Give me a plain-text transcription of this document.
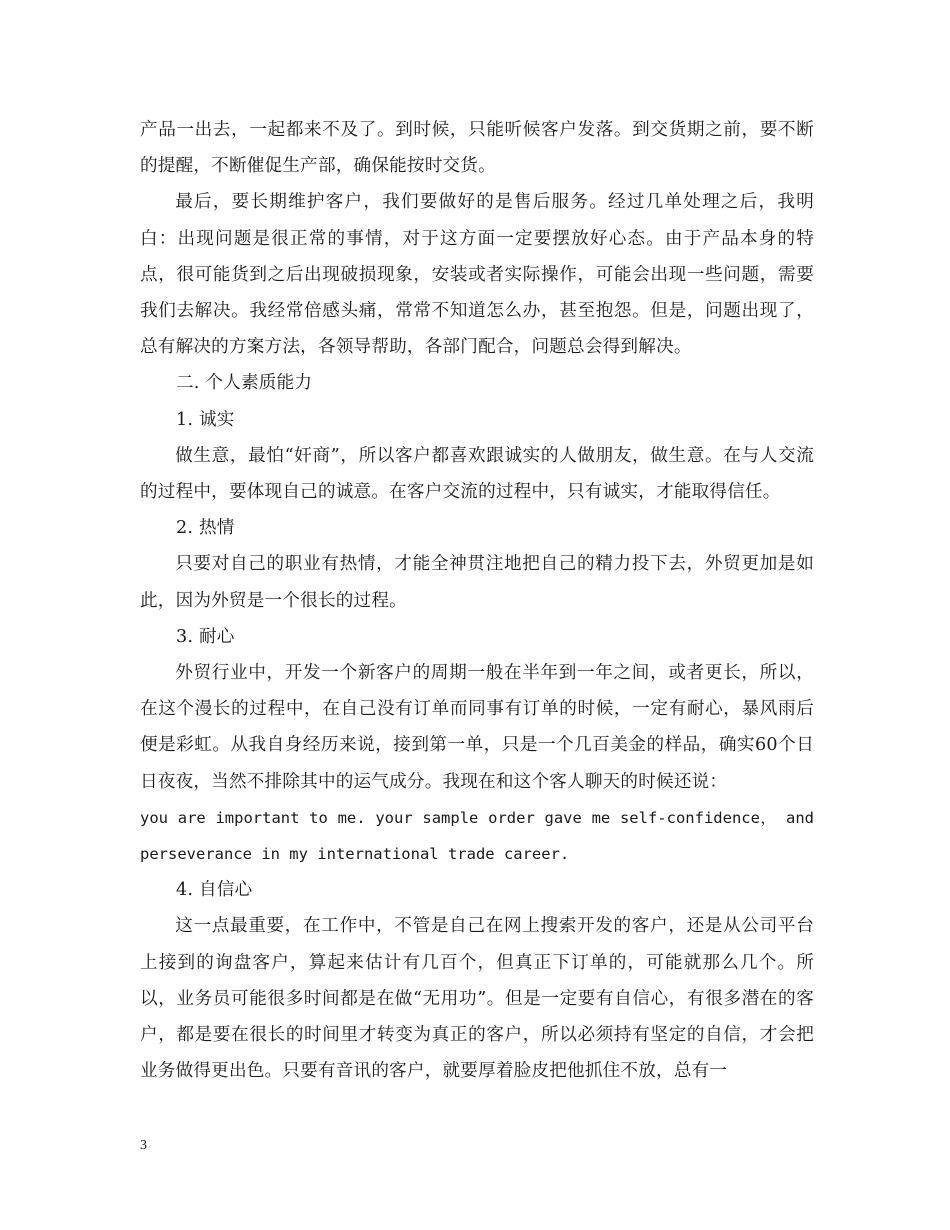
产品一出去，一起都来不及了。到时候，只能听候客户发落。到交货期之前，要不断的提醒，不断催促生产部，确保能按时交货。

最后，要长期维护客户，我们要做好的是售后服务。经过几单处理之后，我明白：出现问题是很正常的事情，对于这方面一定要摆放好心态。由于产品本身的特点，很可能货到之后出现破损现象，安装或者实际操作，可能会出现一些问题，需要我们去解决。我经常倍感头痛，常常不知道怎么办，甚至抱怨。但是，问题出现了，总有解决的方案方法，各领导帮助，各部门配合，问题总会得到解决。

二. 个人素质能力

1. 诚实

做生意，最怕“奸商”，所以客户都喜欢跟诚实的人做朋友，做生意。在与人交流的过程中，要体现自己的诚意。在客户交流的过程中，只有诚实，才能取得信任。

2. 热情

只要对自己的职业有热情，才能全神贯注地把自己的精力投下去，外贸更加是如此，因为外贸是一个很长的过程。

3. 耐心

外贸行业中，开发一个新客户的周期一般在半年到一年之间，或者更长，所以，在这个漫长的过程中，在自己没有订单而同事有订单的时候，一定有耐心，暴风雨后便是彩虹。从我自身经历来说，接到第一单，只是一个几百美金的样品，确实60个日日夜夜，当然不排除其中的运气成分。我现在和这个客人聊天的时候还说：

you are important to me. your sample order gave me self-confidence， and perseverance in my international trade career.

4. 自信心

这一点最重要，在工作中，不管是自己在网上搜索开发的客户，还是从公司平台上接到的询盘客户，算起来估计有几百个，但真正下订单的，可能就那么几个。所以，业务员可能很多时间都是在做“无用功”。但是一定要有自信心，有很多潜在的客户，都是要在很长的时间里才转变为真正的客户，所以必须持有坚定的自信，才会把业务做得更出色。只要有音讯的客户，就要厚着脸皮把他抓住不放，总有一

3
